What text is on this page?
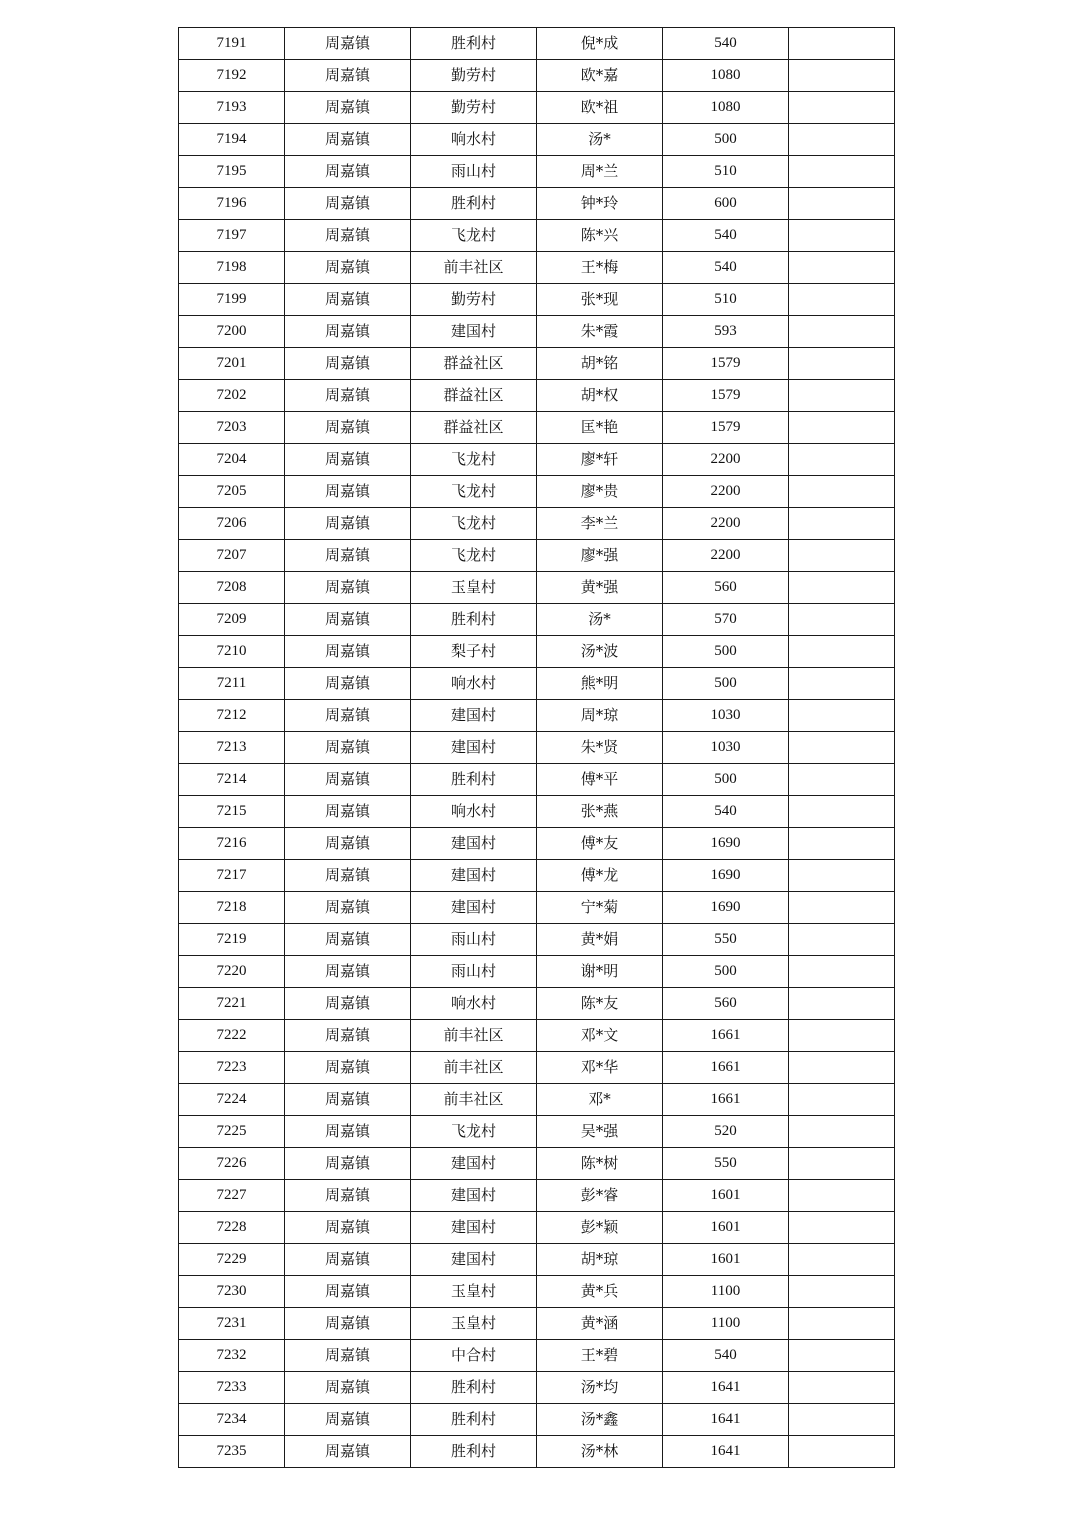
7191	周嘉镇	胜利村	倪*成	540	
7192	周嘉镇	勤劳村	欧*嘉	1080	
7193	周嘉镇	勤劳村	欧*祖	1080	
7194	周嘉镇	响水村	汤*	500	
7195	周嘉镇	雨山村	周*兰	510	
7196	周嘉镇	胜利村	钟*玲	600	
7197	周嘉镇	飞龙村	陈*兴	540	
7198	周嘉镇	前丰社区	王*梅	540	
7199	周嘉镇	勤劳村	张*现	510	
7200	周嘉镇	建国村	朱*霞	593	
7201	周嘉镇	群益社区	胡*铭	1579	
7202	周嘉镇	群益社区	胡*权	1579	
7203	周嘉镇	群益社区	匡*艳	1579	
7204	周嘉镇	飞龙村	廖*轩	2200	
7205	周嘉镇	飞龙村	廖*贵	2200	
7206	周嘉镇	飞龙村	李*兰	2200	
7207	周嘉镇	飞龙村	廖*强	2200	
7208	周嘉镇	玉皇村	黄*强	560	
7209	周嘉镇	胜利村	汤*	570	
7210	周嘉镇	梨子村	汤*波	500	
7211	周嘉镇	响水村	熊*明	500	
7212	周嘉镇	建国村	周*琼	1030	
7213	周嘉镇	建国村	朱*贤	1030	
7214	周嘉镇	胜利村	傅*平	500	
7215	周嘉镇	响水村	张*燕	540	
7216	周嘉镇	建国村	傅*友	1690	
7217	周嘉镇	建国村	傅*龙	1690	
7218	周嘉镇	建国村	宁*菊	1690	
7219	周嘉镇	雨山村	黄*娟	550	
7220	周嘉镇	雨山村	谢*明	500	
7221	周嘉镇	响水村	陈*友	560	
7222	周嘉镇	前丰社区	邓*文	1661	
7223	周嘉镇	前丰社区	邓*华	1661	
7224	周嘉镇	前丰社区	邓*	1661	
7225	周嘉镇	飞龙村	吴*强	520	
7226	周嘉镇	建国村	陈*树	550	
7227	周嘉镇	建国村	彭*睿	1601	
7228	周嘉镇	建国村	彭*颖	1601	
7229	周嘉镇	建国村	胡*琼	1601	
7230	周嘉镇	玉皇村	黄*兵	1100	
7231	周嘉镇	玉皇村	黄*涵	1100	
7232	周嘉镇	中合村	王*碧	540	
7233	周嘉镇	胜利村	汤*均	1641	
7234	周嘉镇	胜利村	汤*鑫	1641	
7235	周嘉镇	胜利村	汤*林	1641	
